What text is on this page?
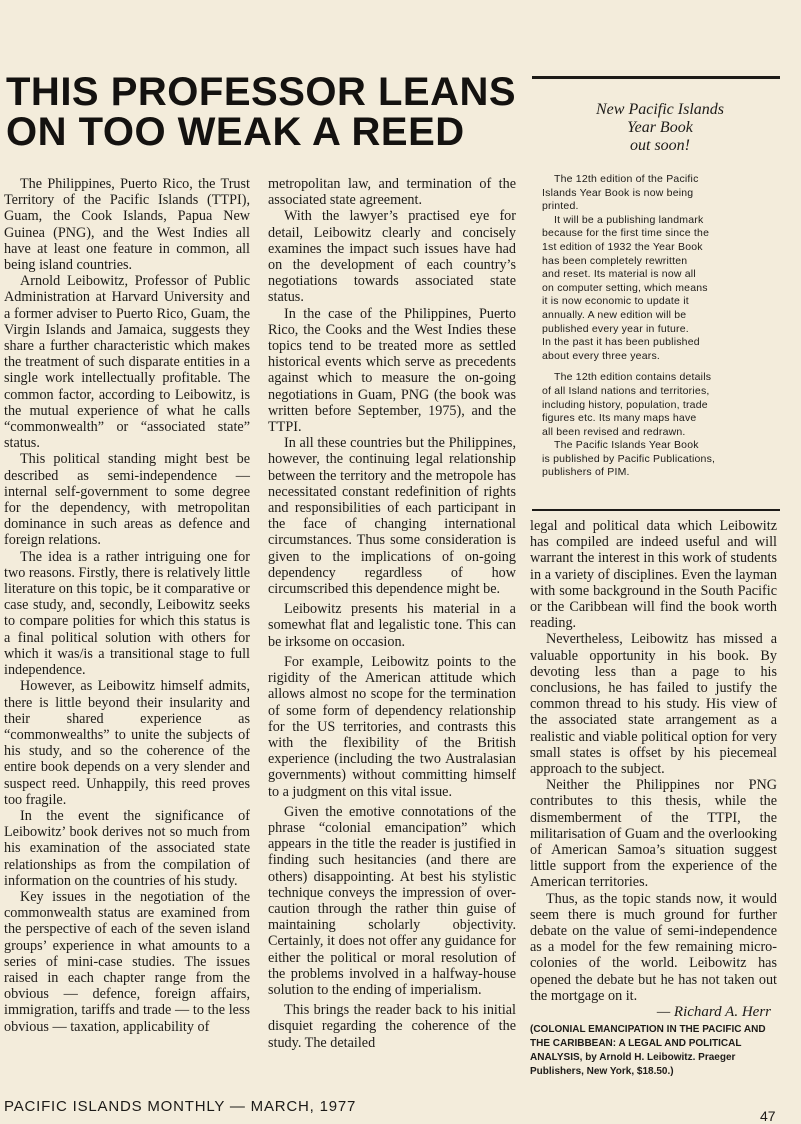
THIS PROFESSOR LEANS
ON TOO WEAK A REED

The Philippines, Puerto Rico, the Trust Territory of the Pacific Islands (TTPI), Guam, the Cook Islands, Papua New Guinea (PNG), and the West Indies all have at least one feature in common, all being island countries.

Arnold Leibowitz, Professor of Public Administration at Harvard University and a former adviser to Puerto Rico, Guam, the Virgin Islands and Jamaica, suggests they share a further characteristic which makes the treatment of such disparate entities in a single work intellectually profitable. The common factor, according to Leibowitz, is the mutual experience of what he calls “commonwealth” or “associated state” status.

This political standing might best be described as semi-independence — internal self-government to some degree for the dependency, with metropolitan dominance in such areas as defence and foreign relations.

The idea is a rather intriguing one for two reasons. Firstly, there is relatively little literature on this topic, be it comparative or case study, and, secondly, Leibowitz seeks to compare polities for which this status is a final political solution with others for which it was/is a transitional stage to full independence.

However, as Leibowitz himself admits, there is little beyond their insularity and their shared experience as “commonwealths” to unite the subjects of his study, and so the coherence of the entire book depends on a very slender and suspect reed. Unhappily, this reed proves too fragile.

In the event the significance of Leibowitz’ book derives not so much from his examination of the associated state relationships as from the compilation of information on the countries of his study.

Key issues in the negotiation of the commonwealth status are examined from the perspective of each of the seven island groups’ experience in what amounts to a series of mini-case studies. The issues raised in each chapter range from the obvious — defence, foreign affairs, immigration, tariffs and trade — to the less obvious — taxation, applicability of

metropolitan law, and termination of the associated state agreement.

With the lawyer’s practised eye for detail, Leibowitz clearly and concisely examines the impact such issues have had on the development of each country’s negotiations towards associated state status.

In the case of the Philippines, Puerto Rico, the Cooks and the West Indies these topics tend to be treated more as settled historical events which serve as precedents against which to measure the on-going negotiations in Guam, PNG (the book was written before September, 1975), and the TTPI.

In all these countries but the Philippines, however, the continuing legal relationship between the territory and the metropole has necessitated constant redefinition of rights and responsibilities of each participant in the face of changing international circumstances. Thus some consideration is given to the implications of on-going dependency regardless of how circumscribed this dependence might be.

Leibowitz presents his material in a somewhat flat and legalistic tone. This can be irksome on occasion.

For example, Leibowitz points to the rigidity of the American attitude which allows almost no scope for the termination of some form of dependency relationship for the US territories, and contrasts this with the flexibility of the British experience (including the two Australasian governments) without committing himself to a judgment on this vital issue.

Given the emotive connotations of the phrase “colonial emancipation” which appears in the title the reader is justified in finding such hesitancies (and there are others) disappointing. At best his stylistic technique conveys the impression of over-caution through the rather thin guise of maintaining scholarly objectivity. Certainly, it does not offer any guidance for either the political or moral resolution of the problems involved in a halfway-house solution to the ending of imperialism.

This brings the reader back to his initial disquiet regarding the coherence of the study. The detailed

New Pacific Islands
Year Book
out soon!
The 12th edition of the Pacific
Islands Year Book is now being
printed.
It will be a publishing landmark
because for the first time since the
1st edition of 1932 the Year Book
has been completely rewritten
and reset. Its material is now all
on computer setting, which means
it is now economic to update it
annually. A new edition will be
published every year in future.
In the past it has been published
about every three years.
The 12th edition contains details
of all Island nations and territories,
including history, population, trade
figures etc. Its many maps have
all been revised and redrawn.
The Pacific Islands Year Book
is published by Pacific Publications,
publishers of PIM.

legal and political data which Leibowitz has compiled are indeed useful and will warrant the interest in this work of students in a variety of disciplines. Even the layman with some background in the South Pacific or the Caribbean will find the book worth reading.

Nevertheless, Leibowitz has missed a valuable opportunity in his book. By devoting less than a page to his conclusions, he has failed to justify the common thread to his study. His view of the associated state arrangement as a realistic and viable political option for very small states is offset by his piecemeal approach to the subject.

Neither the Philippines nor PNG contributes to this thesis, while the dismemberment of the TTPI, the militarisation of Guam and the overlooking of American Samoa’s situation suggest little support from the experience of the American territories.

Thus, as the topic stands now, it would seem there is much ground for further debate on the value of semi-independence as a model for the few remaining micro-colonies of the world. Leibowitz has opened the debate but he has not taken out the mortgage on it.

— Richard A. Herr
(COLONIAL EMANCIPATION IN THE PACIFIC AND THE CARIBBEAN: A LEGAL AND POLITICAL ANALYSIS, by Arnold H. Leibowitz. Praeger Publishers, New York, $18.50.)
PACIFIC ISLANDS MONTHLY — MARCH, 1977
47
